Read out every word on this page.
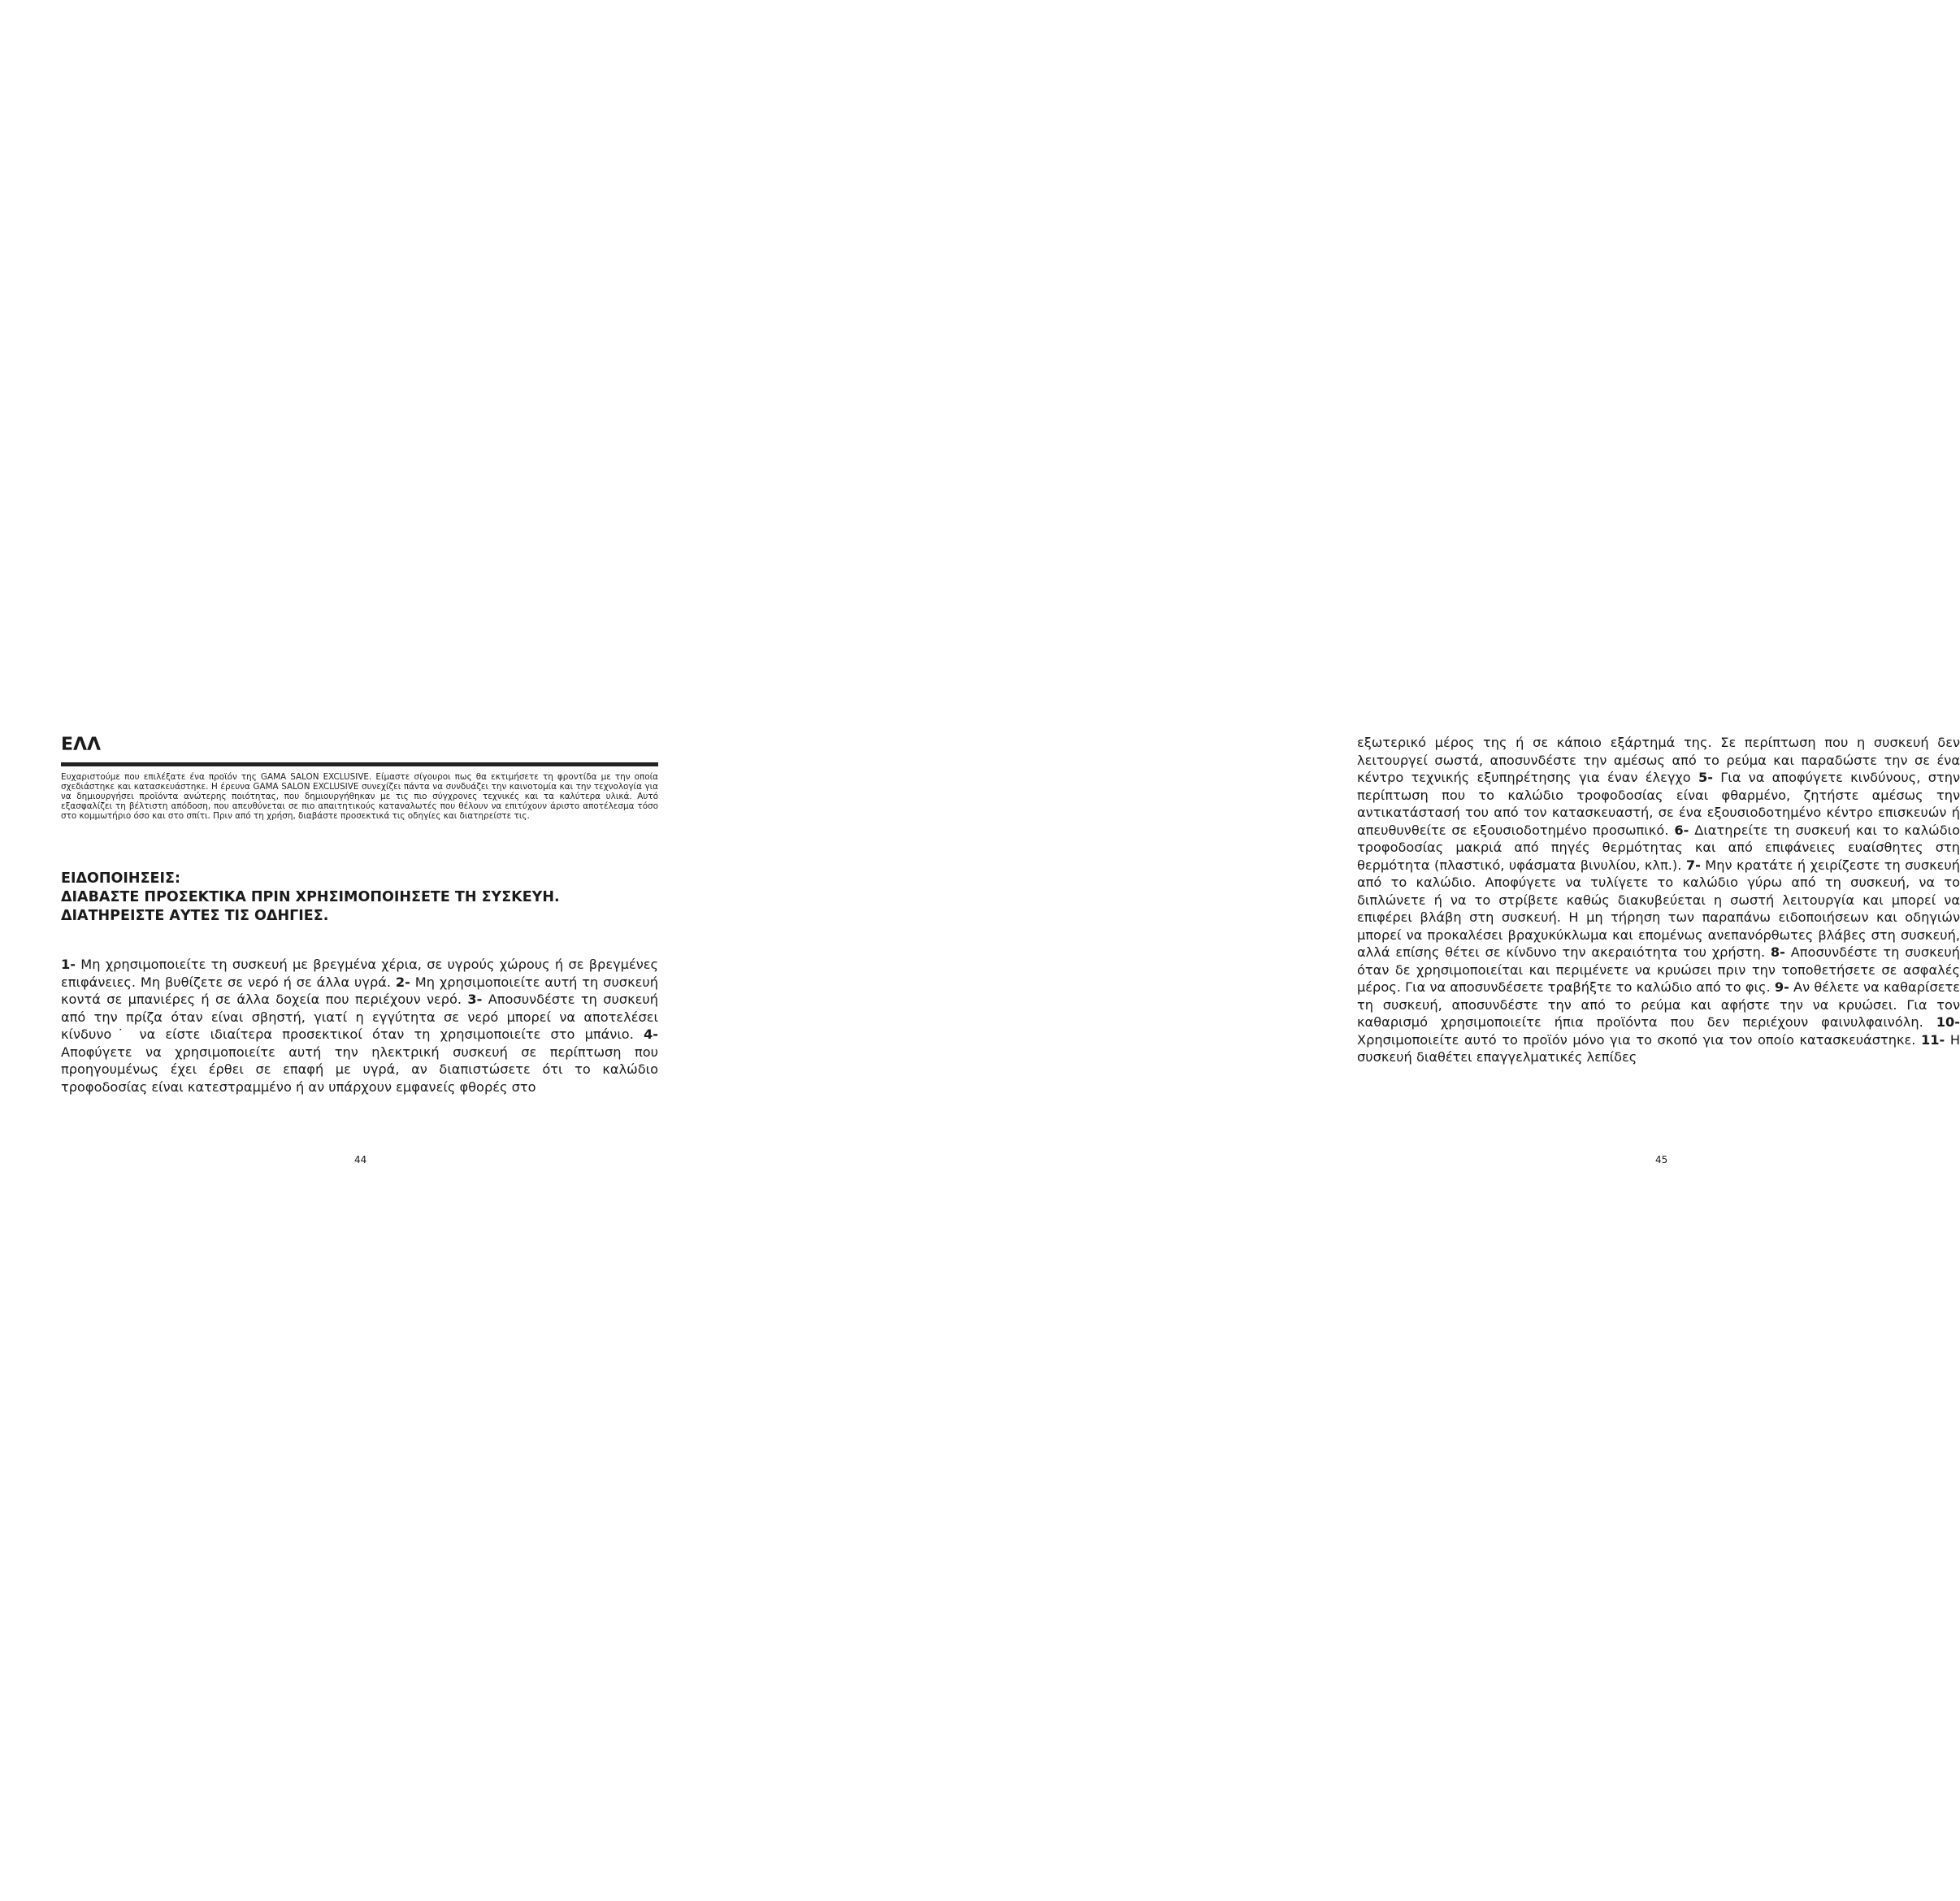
ΕΛΛ

Ευχαριστούμε που επιλέξατε ένα προϊόν της GAMA SALON EXCLUSIVE. Είμαστε σίγουροι πως θα εκτιμήσετε τη φροντίδα με την οποία σχεδιάστηκε και κατασκευάστηκε. Η έρευνα GAMA SALON EXCLUSIVE συνεχίζει πάντα να συνδυάζει την καινοτομία και την τεχνολογία για να δημιουργήσει προϊόντα ανώτερης ποιότητας, που δημιουργήθηκαν με τις πιο σύγχρονες τεχνικές και τα καλύτερα υλικά. Αυτό εξασφαλίζει τη βέλτιστη απόδοση, που απευθύνεται σε πιο απαιτητικούς καταναλωτές που θέλουν να επιτύχουν άριστο αποτέλεσμα τόσο στο κομμωτήριο όσο και στο σπίτι. Πριν από τη χρήση, διαβάστε προσεκτικά τις οδηγίες και διατηρείστε τις.

ΕΙΔΟΠΟΙΗΣΕΙΣ:
ΔΙΑΒΑΣΤΕ ΠΡΟΣΕΚΤΙΚΑ ΠΡΙΝ ΧΡΗΣΙΜΟΠΟΙΗΣΕΤΕ ΤΗ ΣΥΣΚΕΥΗ.
ΔΙΑΤΗΡΕΙΣΤΕ ΑΥΤΕΣ ΤΙΣ ΟΔΗΓΙΕΣ.

1- Μη χρησιμοποιείτε τη συσκευή με βρεγμένα χέρια, σε υγρούς χώρους ή σε βρεγμένες επιφάνειες. Μη βυθίζετε σε νερό ή σε άλλα υγρά. 2- Μη χρησιμοποιείτε αυτή τη συσκευή κοντά σε μπανιέρες ή σε άλλα δοχεία που περιέχουν νερό. 3- Αποσυνδέστε τη συσκευή από την πρίζα όταν είναι σβηστή, γιατί η εγγύτητα σε νερό μπορεί να αποτελέσει κίνδυνο˙ να είστε ιδιαίτερα προσεκτικοί όταν τη χρησιμοποιείτε στο μπάνιο. 4- Αποφύγετε να χρησιμοποιείτε αυτή την ηλεκτρική συσκευή σε περίπτωση που προηγουμένως έχει έρθει σε επαφή με υγρά, αν διαπιστώσετε ότι το καλώδιο τροφοδοσίας είναι κατεστραμμένο ή αν υπάρχουν εμφανείς φθορές στο

44

εξωτερικό μέρος της ή σε κάποιο εξάρτημά της. Σε περίπτωση που η συσκευή δεν λειτουργεί σωστά, αποσυνδέστε την αμέσως από το ρεύμα και παραδώστε την σε ένα κέντρο τεχνικής εξυπηρέτησης για έναν έλεγχο 5- Για να αποφύγετε κινδύνους, στην περίπτωση που το καλώδιο τροφοδοσίας είναι φθαρμένο, ζητήστε αμέσως την αντικατάστασή του από τον κατασκευαστή, σε ένα εξουσιοδοτημένο κέντρο επισκευών ή απευθυνθείτε σε εξουσιοδοτημένο προσωπικό. 6- Διατηρείτε τη συσκευή και το καλώδιο τροφοδοσίας μακριά από πηγές θερμότητας και από επιφάνειες ευαίσθητες στη θερμότητα (πλαστικό, υφάσματα βινυλίου, κλπ.). 7- Μην κρατάτε ή χειρίζεστε τη συσκευή από το καλώδιο. Αποφύγετε να τυλίγετε το καλώδιο γύρω από τη συσκευή, να το διπλώνετε ή να το στρίβετε καθώς διακυβεύεται η σωστή λειτουργία και μπορεί να επιφέρει βλάβη στη συσκευή. Η μη τήρηση των παραπάνω ειδοποιήσεων και οδηγιών μπορεί να προκαλέσει βραχυκύκλωμα και επομένως ανεπανόρθωτες βλάβες στη συσκευή, αλλά επίσης θέτει σε κίνδυνο την ακεραιότητα του χρήστη. 8- Αποσυνδέστε τη συσκευή όταν δε χρησιμοποιείται και περιμένετε να κρυώσει πριν την τοποθετήσετε σε ασφαλές μέρος. Για να αποσυνδέσετε τραβήξτε το καλώδιο από το φις. 9- Αν θέλετε να καθαρίσετε τη συσκευή, αποσυνδέστε την από το ρεύμα και αφήστε την να κρυώσει. Για τον καθαρισμό χρησιμοποιείτε ήπια προϊόντα που δεν περιέχουν φαινυλφαινόλη. 10- Χρησιμοποιείτε αυτό το προϊόν μόνο για το σκοπό για τον οποίο κατασκευάστηκε. 11- Η συσκευή διαθέτει επαγγελματικές λεπίδες

45
